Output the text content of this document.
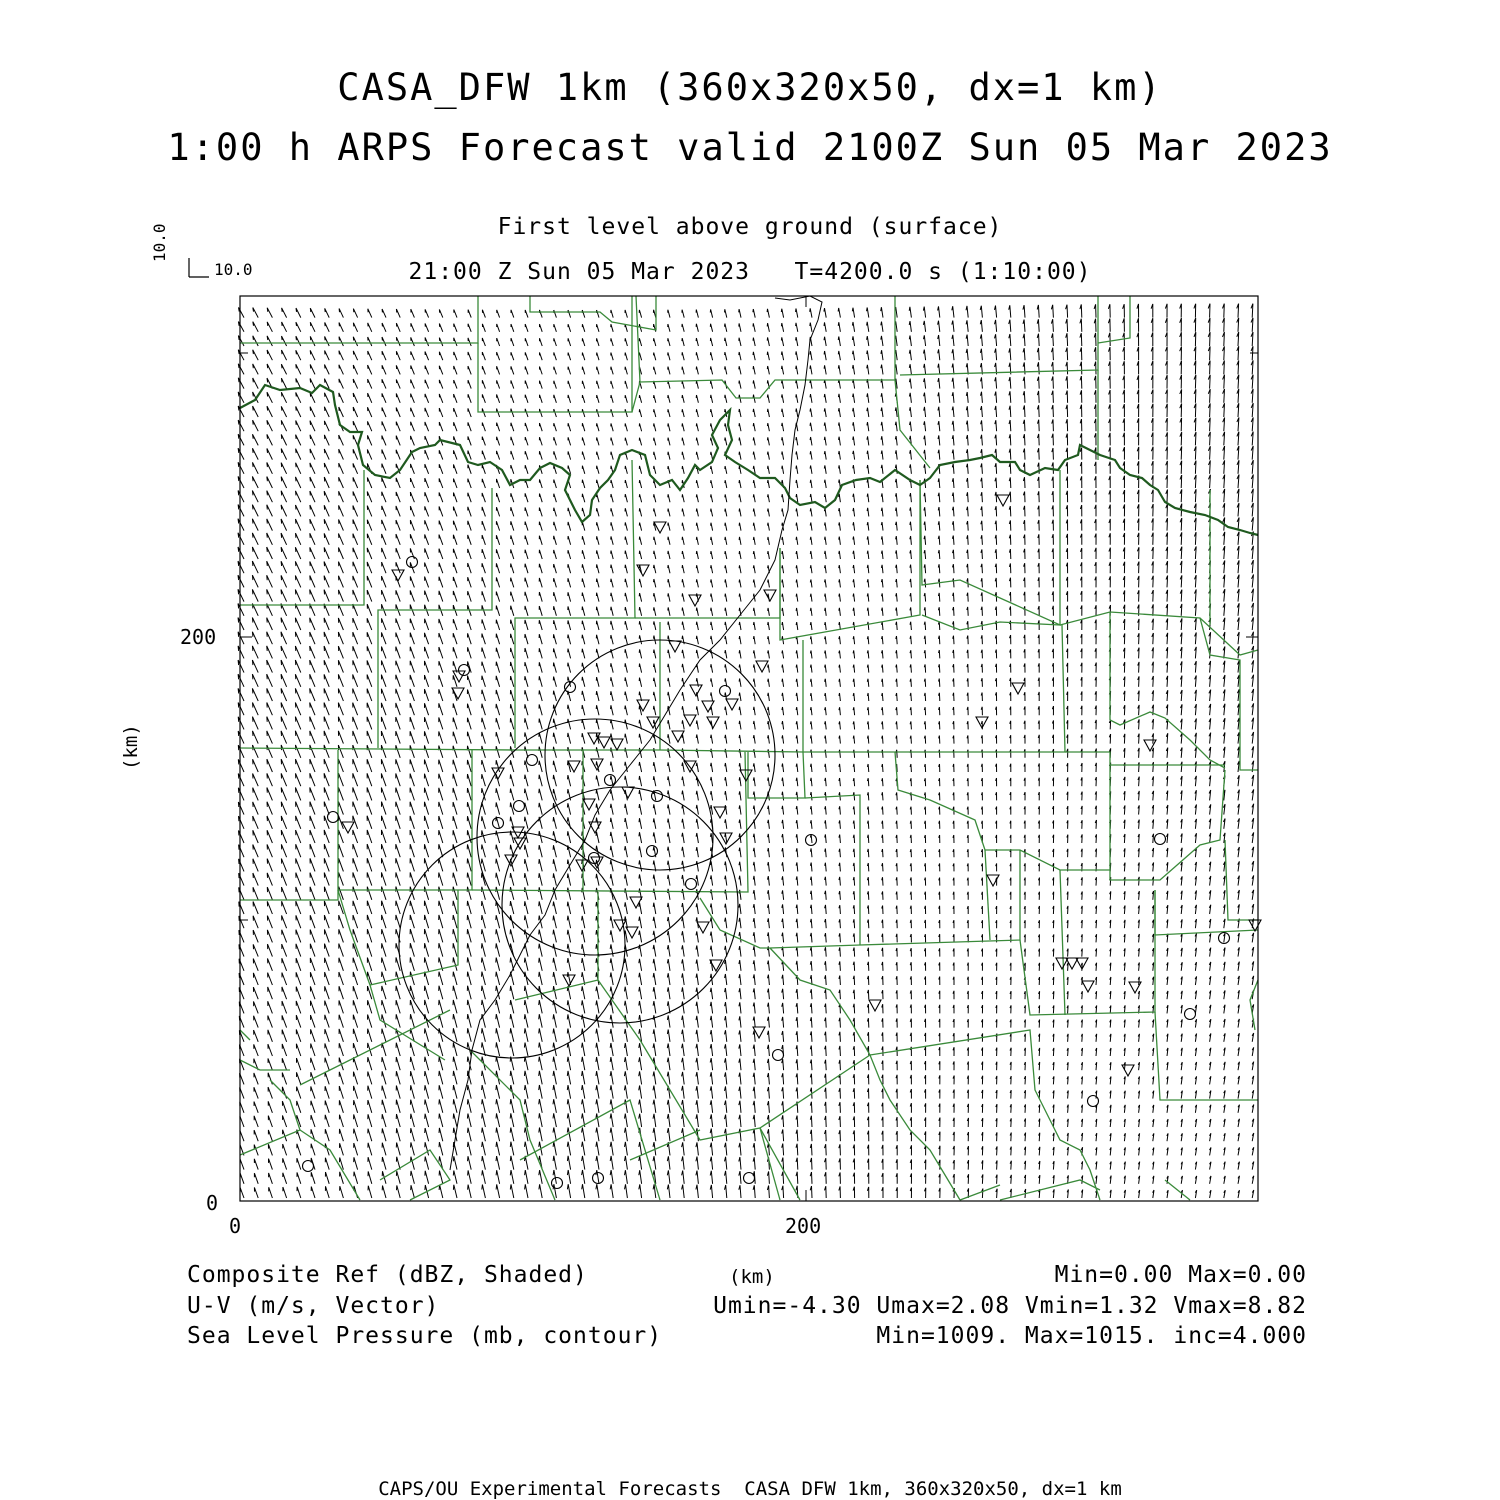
CASA_DFW 1km (360x320x50, dx=1 km)
1:00 h ARPS Forecast valid 2100Z Sun 05 Mar 2023
First level above ground (surface)
21:00 Z Sun 05 Mar 2023 T=4200.0 s (1:10:00)
10.0
10.0
0	200
0
200
(km)
(km)
Composite Ref (dBZ, Shaded)	Min=0.00 Max=0.00
U-V (m/s, Vector)	Umin=-4.30 Umax=2.08 Vmin=1.32 Vmax=8.82
Sea Level Pressure (mb, contour)	Min=1009. Max=1015. inc=4.000
CAPS/OU Experimental Forecasts  CASA DFW 1km, 360x320x50, dx=1 km
